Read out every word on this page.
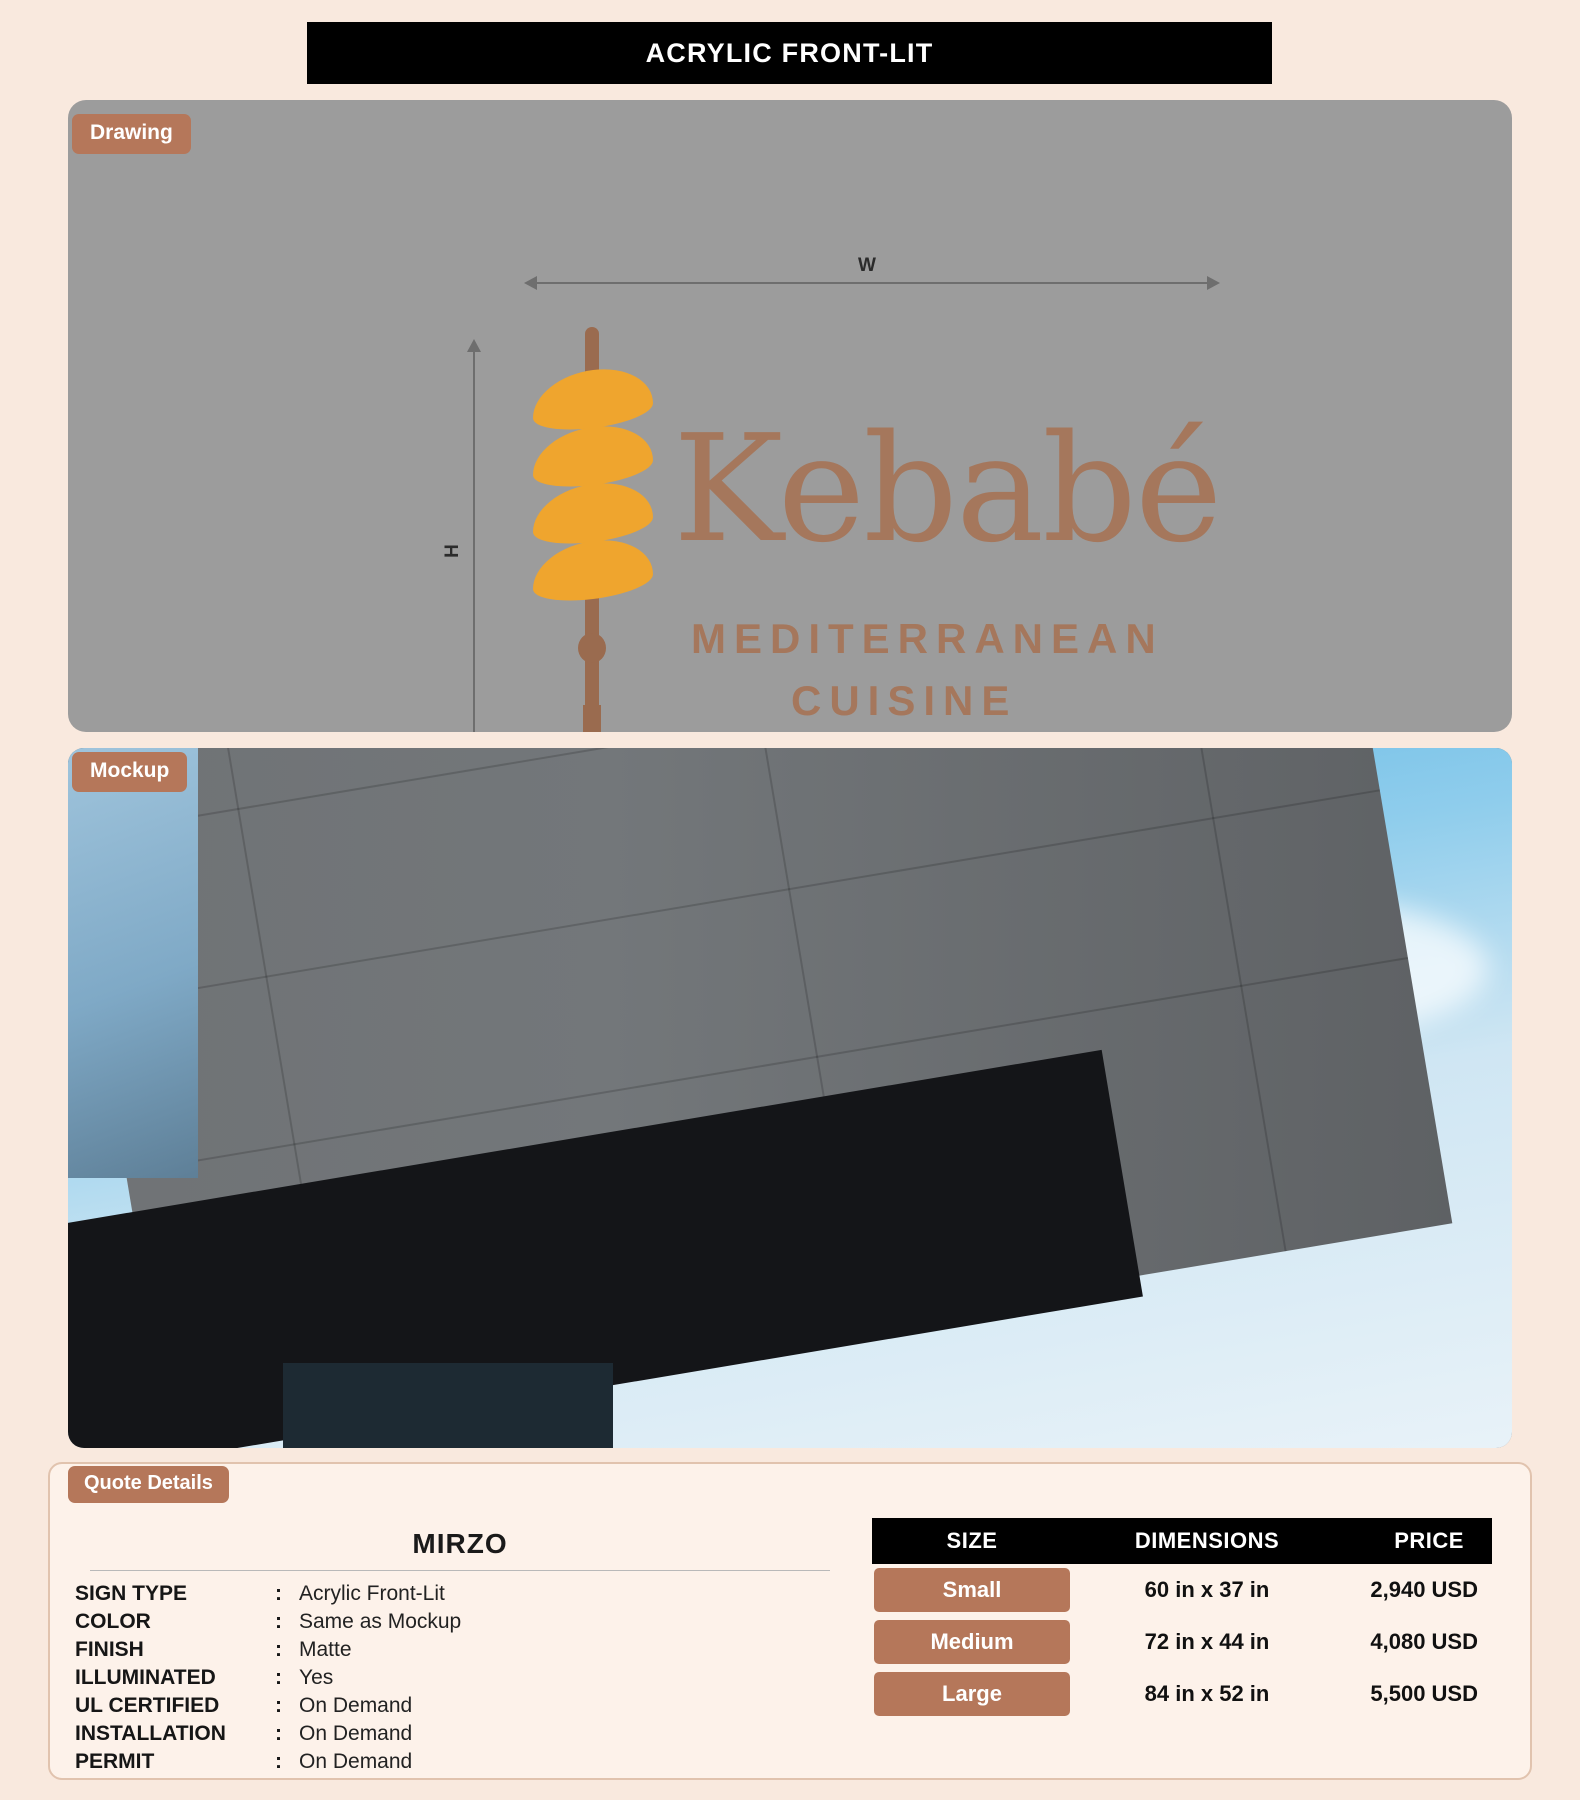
ACRYLIC FRONT-LIT
W
H Kebabé
MEDITERRANEAN
CUISINE
Drawing
Mockup
Quote Details
MIRZO
SIGN TYPE	: Acrylic Front-Lit
COLOR	: Same as Mockup
FINISH	: Matte
ILLUMINATED	: Yes
UL CERTIFIED	: On Demand
INSTALLATION	: On Demand
PERMIT	: On Demand
SIZE	DIMENSIONS	PRICE
Small	60 in x 37 in	2,940 USD
Medium	72 in x 44 in	4,080 USD
Large	84 in x 52 in	5,500 USD
